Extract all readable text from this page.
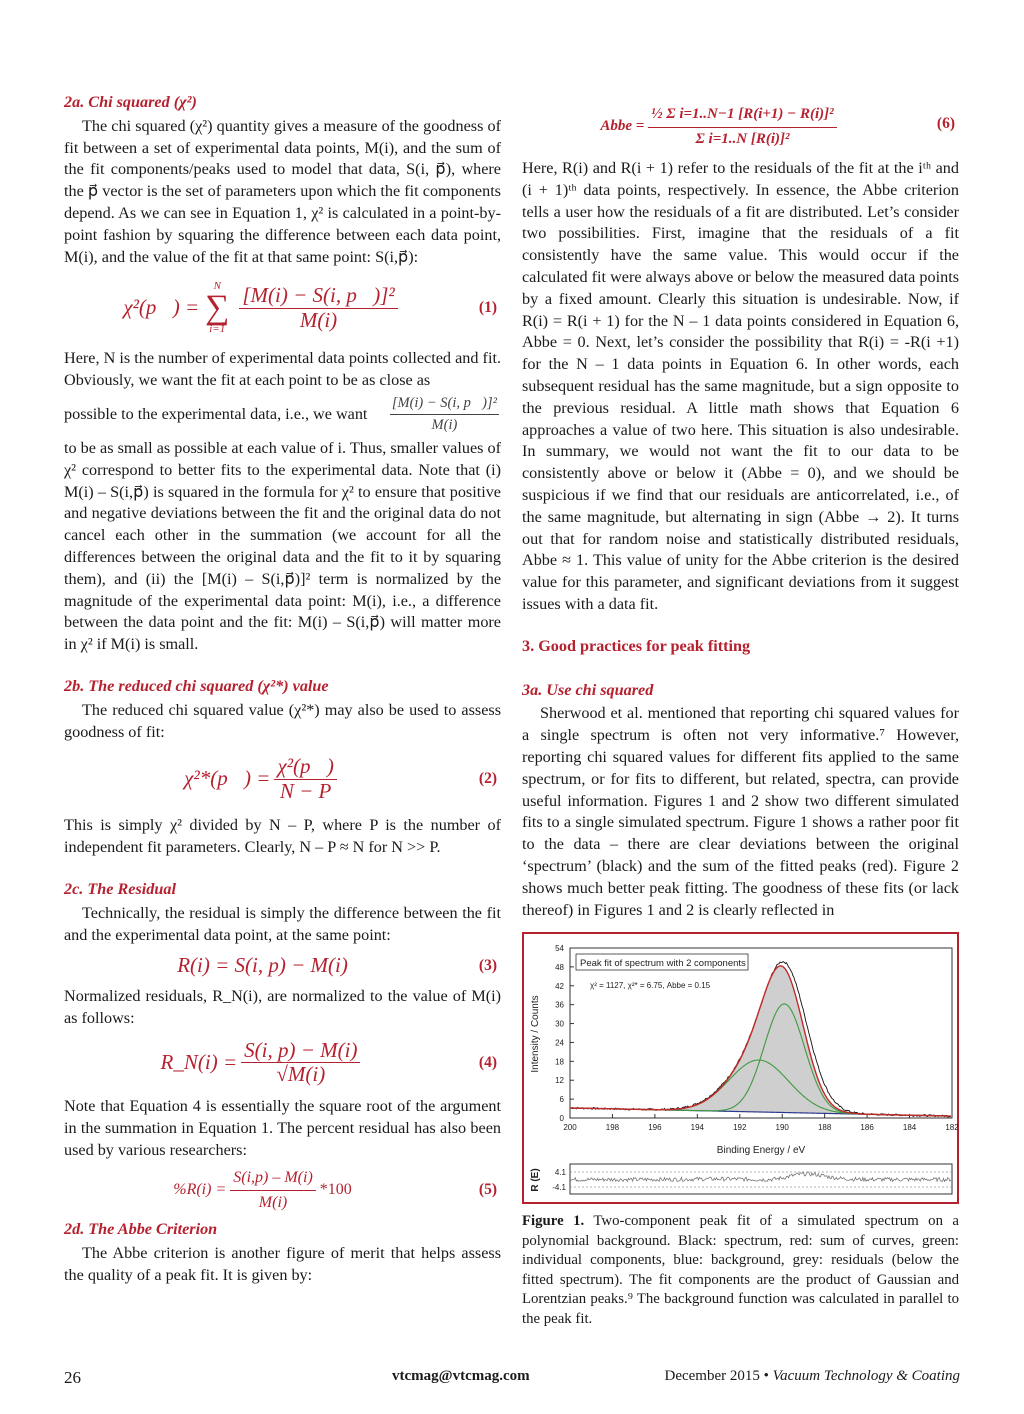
2a. Chi squared (χ²)

The chi squared (χ²) quantity gives a measure of the goodness of fit between a set of experimental data points, M(i), and the sum of the fit components/peaks used to model that data, S(i, p⃗), where the p⃗ vector is the set of parameters upon which the fit components depend. As we can see in Equation 1, χ² is calculated in a point-by-point fashion by squaring the difference between each data point, M(i), and the value of the fit at that same point: S(i,p⃗):

χ²(p⃗) =
N
∑
$i=1 \frac{\text{[M(i) − S(i, p⃗)]²}}{M(i)}$	(1)

Here, N is the number of experimental data points collected and fit. Obviously, we want the fit at each point to be as close as

possible to the experimental data, i.e., we want $\frac{\text{[M(i) − S(i, p⃗)]²}}{M(i)}$

to be as small as possible at each value of i. Thus, smaller values of χ² correspond to better fits to the experimental data. Note that (i) M(i) – S(i,p⃗) is squared in the formula for χ² to ensure that positive and negative deviations between the fit and the original data do not cancel each other in the summation (we account for all the differences between the original data and the fit to it by squaring them), and (ii) the [M(i) – S(i,p⃗)]² term is normalized by the magnitude of the experimental data point: M(i), i.e., a difference between the data point and the fit: M(i) – S(i,p⃗) will matter more in χ² if M(i) is small.

2b. The reduced chi squared (χ²*) value

The reduced chi squared value (χ²*) may also be used to assess goodness of fit:

χ²*(p⃗) = $\frac{\text{χ²(p⃗)}}{N - P}$	(2)

This is simply χ² divided by N – P, where P is the number of independent fit parameters. Clearly, N – P ≈ N for N >> P.

2c. The Residual

Technically, the residual is simply the difference between the fit and the experimental data point, at the same point:

R(i) = S(i, p) − M(i)	(3)

Normalized residuals, R_N(i), are normalized to the value of M(i) as follows:

R_N(i) = $\frac{S(i, p) - M(i)}{√M(i)}$	(4)

Note that Equation 4 is essentially the square root of the argument in the summation in Equation 1. The percent residual has also been used by various researchers:

$\%R(i) = \frac{S(i,p) - M(i)}{M(i)} *100$	(5)
2d. The Abbe Criterion

The Abbe criterion is another figure of merit that helps assess the quality of a peak fit. It is given by:

Abbe = $\frac{\text{½ Σ i=1..N−1 [R(i+1) − R(i)]²}}{\text{Σ i=1..N [R(i)]²}}$	(6)

Here, R(i) and R(i + 1) refer to the residuals of the fit at the iᵗʰ and (i + 1)ᵗʰ data points, respectively. In essence, the Abbe criterion tells a user how the residuals of a fit are distributed. Let’s consider two possibilities. First, imagine that the residuals of a fit consistently have the same value. This would occur if the calculated fit were always above or below the measured data points by a fixed amount. Clearly this situation is undesirable. Now, if R(i) = R(i + 1) for the N – 1 data points considered in Equation 6, Abbe = 0. Next, let’s consider the possibility that R(i) = -R(i +1) for the N – 1 data points in Equation 6. In other words, each subsequent residual has the same magnitude, but a sign opposite to the previous residual. A little math shows that Equation 6 approaches a value of two here. This situation is also undesirable. In summary, we would not want the fit to our data to be consistently above or below it (Abbe = 0), and we should be suspicious if we find that our residuals are anticorrelated, i.e., of the same magnitude, but alternating in sign (Abbe → 2). It turns out that for random noise and statistically distributed residuals, Abbe ≈ 1. This value of unity for the Abbe criterion is the desired value for this parameter, and significant deviations from it suggest issues with a data fit.

3. Good practices for peak fitting
3a. Use chi squared

Sherwood et al. mentioned that reporting chi squared values for a single spectrum is often not very informative.⁷ However, reporting chi squared values for different fits applied to the same spectrum, or for fits to different, but related, spectra, can provide useful information. Figures 1 and 2 show two different simulated fits to a single simulated spectrum. Figure 1 shows a rather poor fit to the data – there are clear deviations between the original ‘spectrum’ (black) and the sum of the fitted peaks (red). Figure 2 shows much better peak fitting. The goodness of these fits (or lack thereof) in Figures 1 and 2 is clearly reflected in

0
6
12
18
24
30
36
42
48
54
200	198	196	194	192	190	188	186	184	182
Peak fit of spectrum with 2 components
χ² = 1127, χ²* = 6.75, Abbe = 0.15
Intensity / Counts
Binding Energy / eV
R (E) 4.1
-4.1
Figure 1. Two-component peak fit of a simulated spectrum on a polynomial background. Black: spectrum, red: sum of curves, green: individual components, blue: background, grey: residuals (below the fitted spectrum). The fit components are the product of Gaussian and Lorentzian peaks.⁹ The background function was calculated in parallel to the peak fit.
26	vtcmag@vtcmag.com	December 2015 • Vacuum Technology & Coating
